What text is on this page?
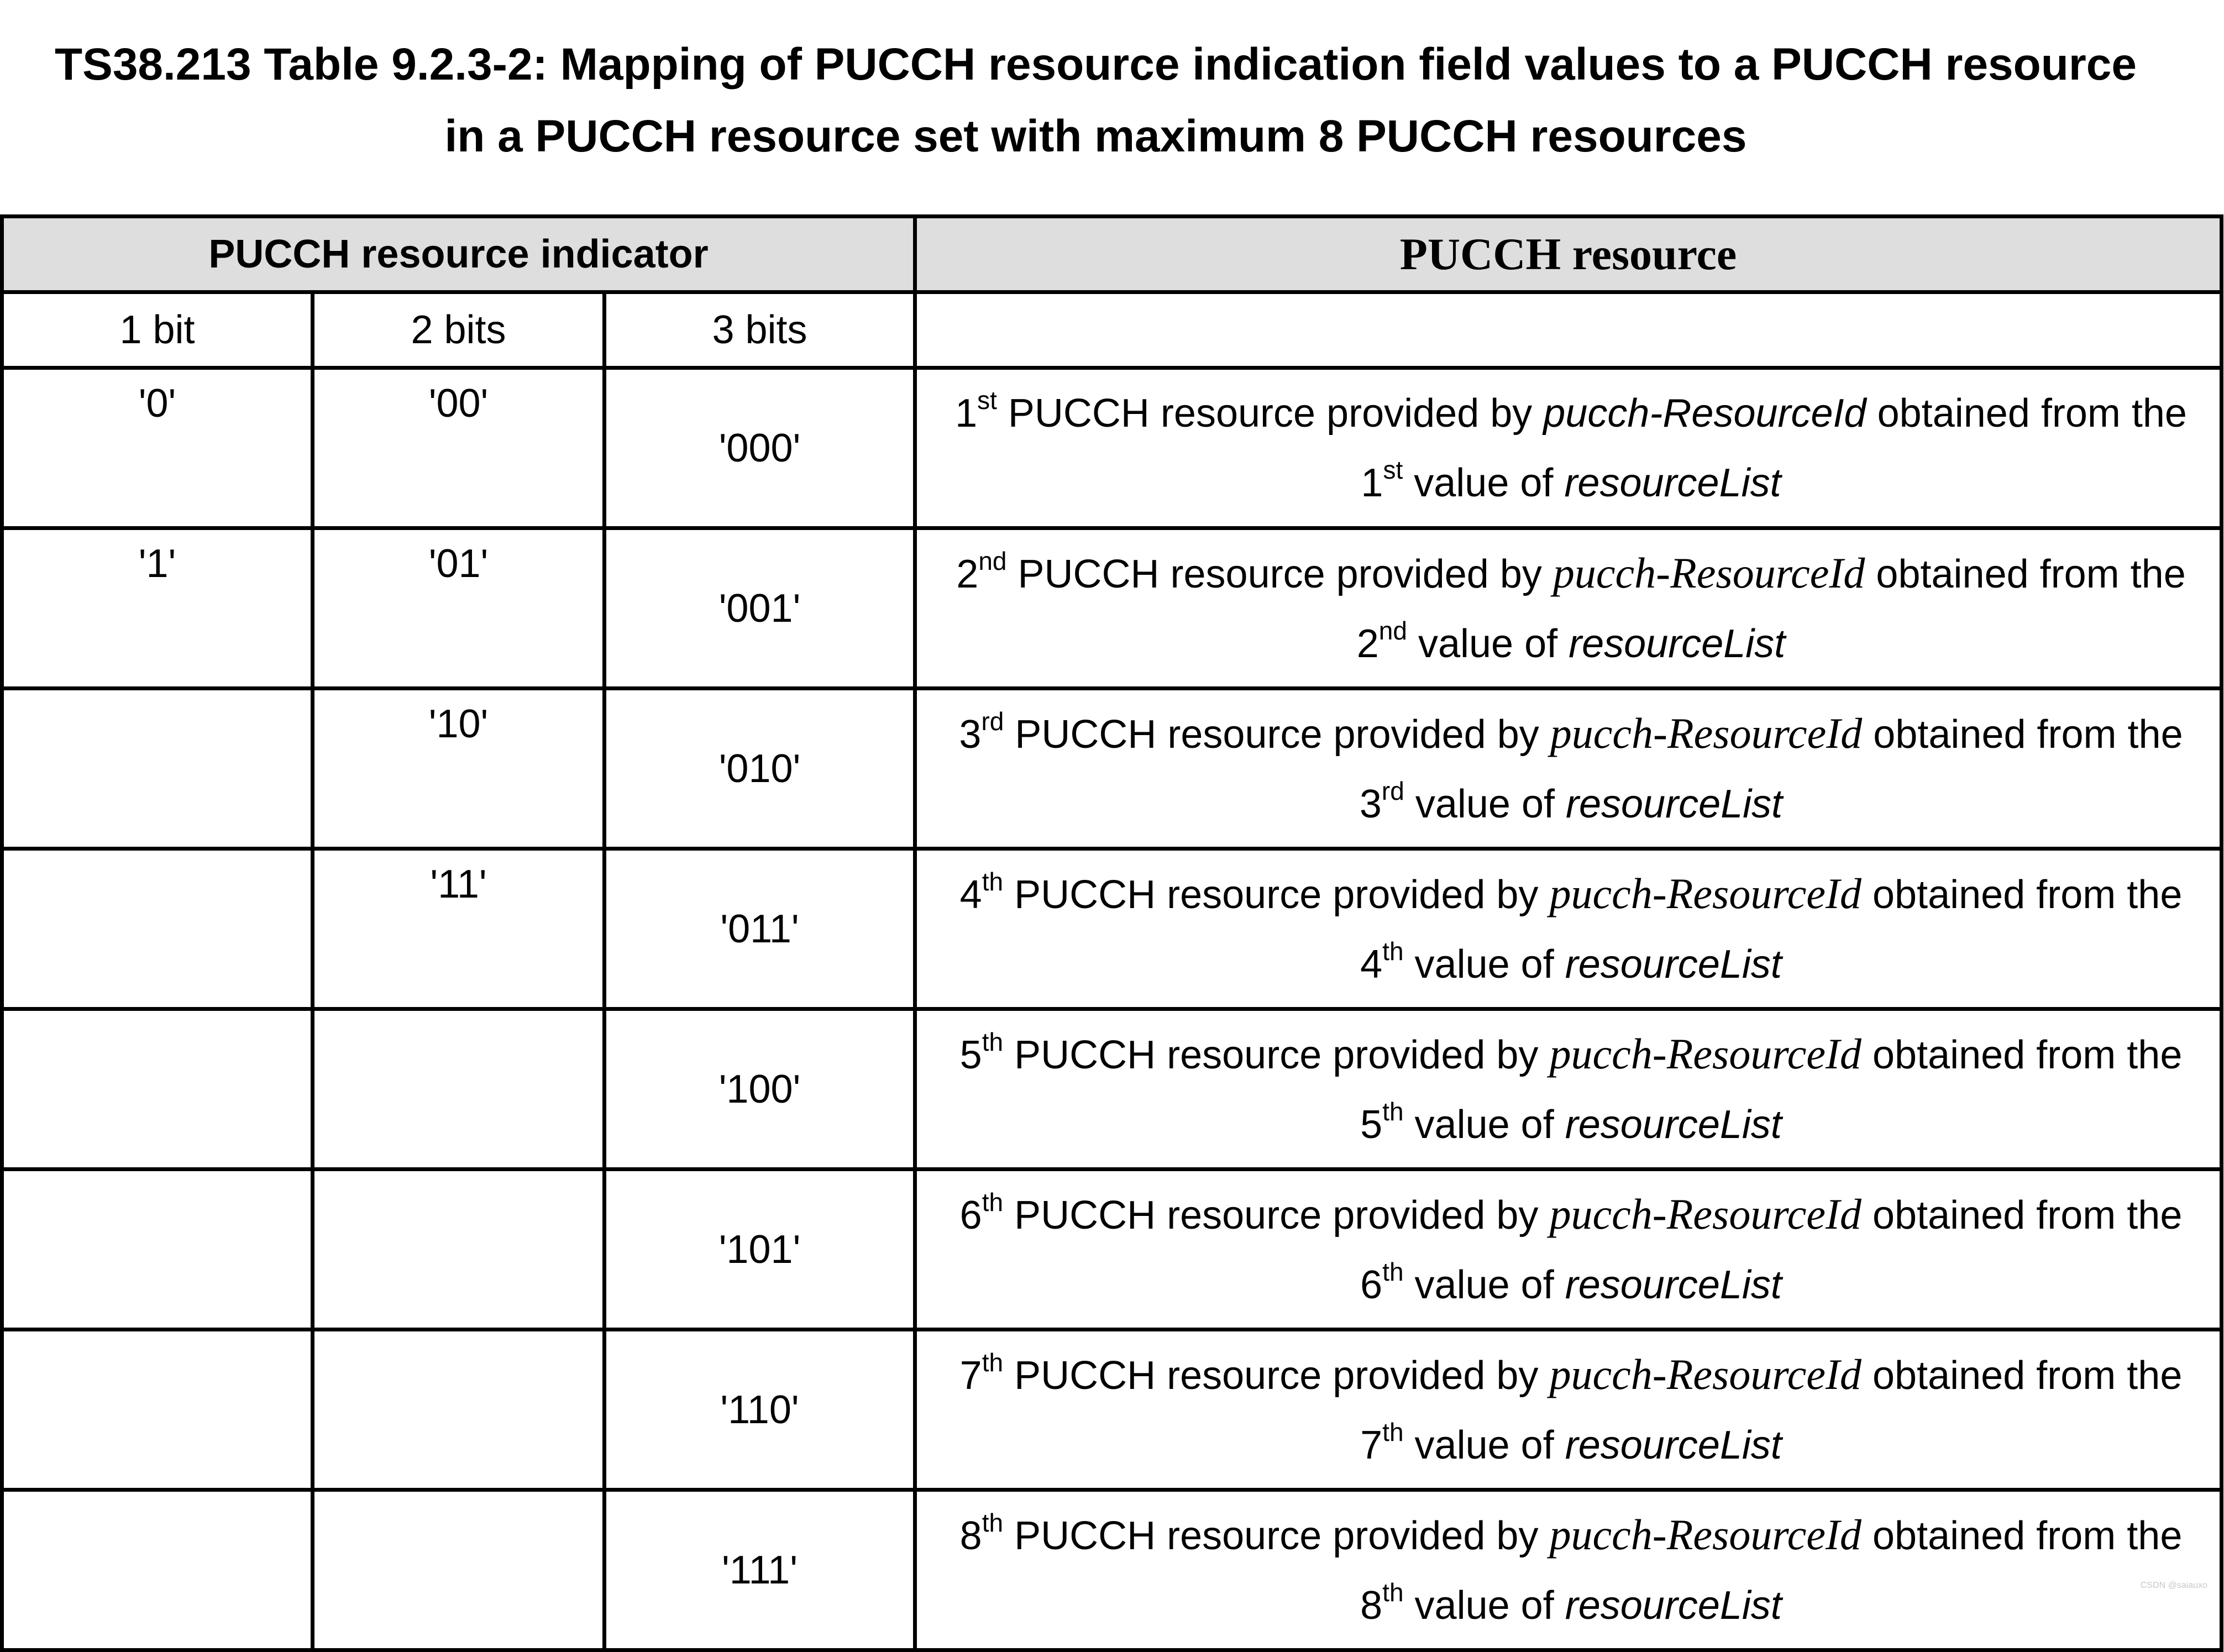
TS38.213 Table 9.2.3-2: Mapping of PUCCH resource indication field values to a PUCCH resource
in a PUCCH resource set with maximum 8 PUCCH resources
PUCCH resource indicator			PUCCH resource
1 bit	2 bits	3 bits	
'0'	'00'	'000'	1st PUCCH resource provided by pucch-ResourceId obtained from the
1st value of resourceList

'1'	'01'	'001'	2nd PUCCH resource provided by pucch-ResourceId obtained from the
2nd value of resourceList

	'10'	'010'	3rd PUCCH resource provided by pucch-ResourceId obtained from the
3rd value of resourceList

	'11'	'011'	4th PUCCH resource provided by pucch-ResourceId obtained from the
4th value of resourceList

		'100'	5th PUCCH resource provided by pucch-ResourceId obtained from the
5th value of resourceList

		'101'	6th PUCCH resource provided by pucch-ResourceId obtained from the
6th value of resourceList

		'110'	7th PUCCH resource provided by pucch-ResourceId obtained from the
7th value of resourceList

		'111'	8th PUCCH resource provided by pucch-ResourceId obtained from the
8th value of resourceList	CSDN @saiauxo
